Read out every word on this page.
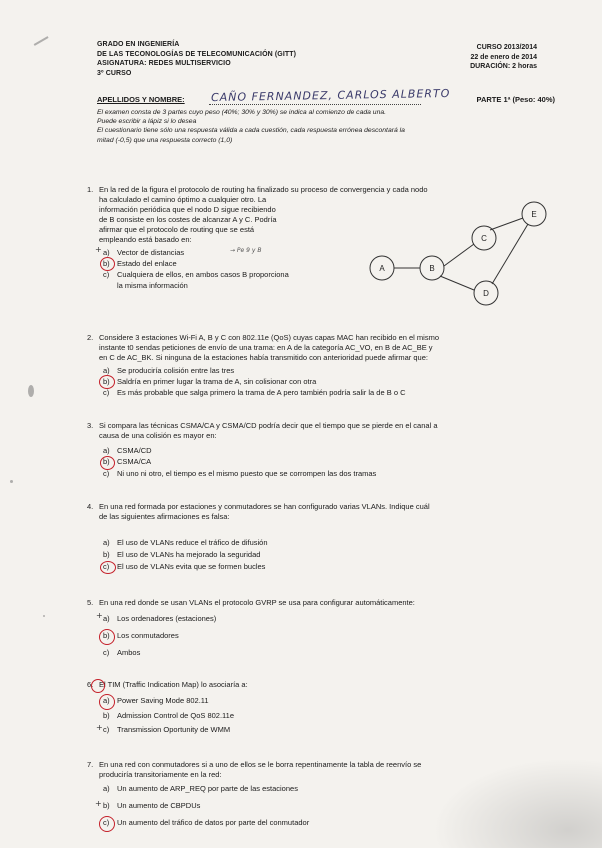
GRADO EN INGENIERÍA
DE LAS TECONOLOGÍAS DE TELECOMUNICACIÓN (GITT)
ASIGNATURA: REDES MULTISERVICIO
3º CURSO
CURSO 2013/2014
22 de enero de 2014
DURACIÓN: 2 horas
APELLIDOS Y NOMBRE: CAÑO FERNANDEZ, CARLOS ALBERTO	PARTE 1ª (Peso: 40%)
El examen consta de 3 partes cuyo peso (40%; 30% y 30%) se indica al comienzo de cada una.
Puede escribir a lápiz si lo desea
El cuestionario tiene sólo una respuesta válida a cada cuestión, cada respuesta errónea descontará la
mitad (-0,5) que una respuesta correcto (1,0)
1. En la red de la figura el protocolo de routing ha finalizado su proceso de convergencia y cada nodo
ha calculado el camino óptimo a cualquier otro. La
información periódica que el nodo D sigue recibiendo
de B consiste en los costes de alcanzar A y C. Podría
afirmar que el protocolo de routing que se está
empleando está basado en:
a) Vector de distancias	→ Pe 9 y B
b) Estado del enlace
c) Cualquiera de ellos, en ambos casos B proporciona
la misma información
+
A	B
C
D
E
2. Considere 3 estaciones Wi-Fi A, B y C con 802.11e (QoS) cuyas capas MAC han recibido en el mismo
instante t0 sendas peticiones de envío de una trama: en A de la categoría AC_VO, en B de AC_BE y
en C de AC_BK. Si ninguna de la estaciones había transmitido con anterioridad puede afirmar que:
a) Se produciría colisión entre las tres
b) Saldría en primer lugar la trama de A, sin colisionar con otra
c) Es más probable que salga primero la trama de A pero también podría salir la de B o C
3. Si compara las técnicas CSMA/CA y CSMA/CD podría decir que el tiempo que se pierde en el canal a
causa de una colisión es mayor en:
a) CSMA/CD
b) CSMA/CA
c) Ni uno ni otro, el tiempo es el mismo puesto que se corrompen las dos tramas
4. En una red formada por estaciones y conmutadores se han configurado varias VLANs. Indique cuál
de las siguientes afirmaciones es falsa:
a) El uso de VLANs reduce el tráfico de difusión
b) El uso de VLANs ha mejorado la seguridad
c) El uso de VLANs evita que se formen bucles
5. En una red donde se usan VLANs el protocolo GVRP se usa para configurar automáticamente:
a) Los ordenadores (estaciones)
b) Los conmutadores
c) Ambos
+
6. El TIM (Traffic Indication Map) lo asociaría a:
a) Power Saving Mode 802.11
b) Admission Control de QoS 802.11e
c) Transmission Oportunity de WMM
+
7. En una red con conmutadores si a uno de ellos se le borra repentinamente la tabla de reenvío se
produciría transitoriamente en la red:
a) Un aumento de ARP_REQ por parte de las estaciones
b) Un aumento de CBPDUs
c) Un aumento del tráfico de datos por parte del conmutador
+
